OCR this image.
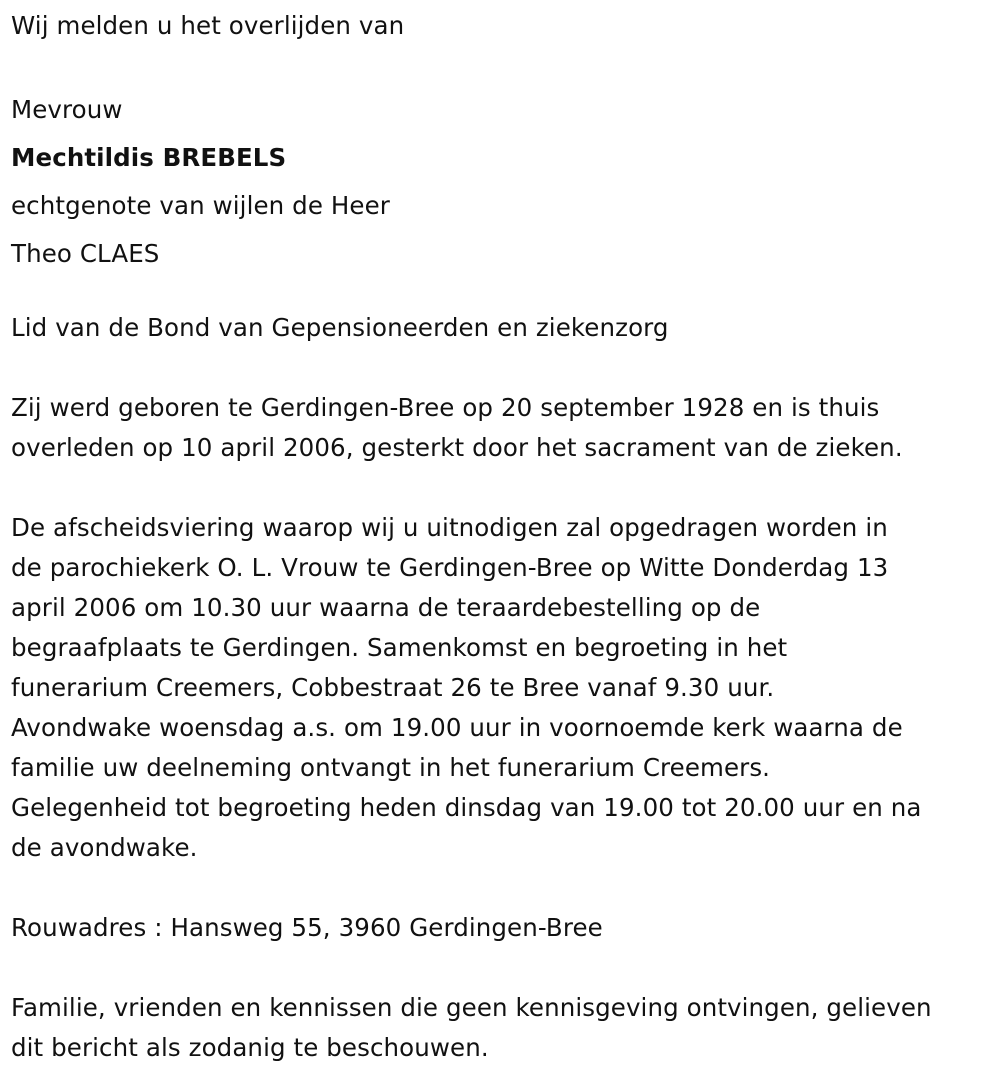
Wij melden u het overlijden van

Mevrouw

Mechtildis BREBELS

echtgenote van wijlen de Heer

Theo CLAES

Lid van de Bond van Gepensioneerden en ziekenzorg

Zij werd geboren te Gerdingen-Bree op 20 september 1928 en is thuis

overleden op 10 april 2006, gesterkt door het sacrament van de zieken.

De afscheidsviering waarop wij u uitnodigen zal opgedragen worden in

de parochiekerk O. L. Vrouw te Gerdingen-Bree op Witte Donderdag 13

april 2006 om 10.30 uur waarna de teraardebestelling op de

begraafplaats te Gerdingen. Samenkomst en begroeting in het

funerarium Creemers, Cobbestraat 26 te Bree vanaf 9.30 uur.

Avondwake woensdag a.s. om 19.00 uur in voornoemde kerk waarna de

familie uw deelneming ontvangt in het funerarium Creemers.

Gelegenheid tot begroeting heden dinsdag van 19.00 tot 20.00 uur en na

de avondwake.

Rouwadres : Hansweg 55, 3960 Gerdingen-Bree

Familie, vrienden en kennissen die geen kennisgeving ontvingen, gelieven

dit bericht als zodanig te beschouwen.
